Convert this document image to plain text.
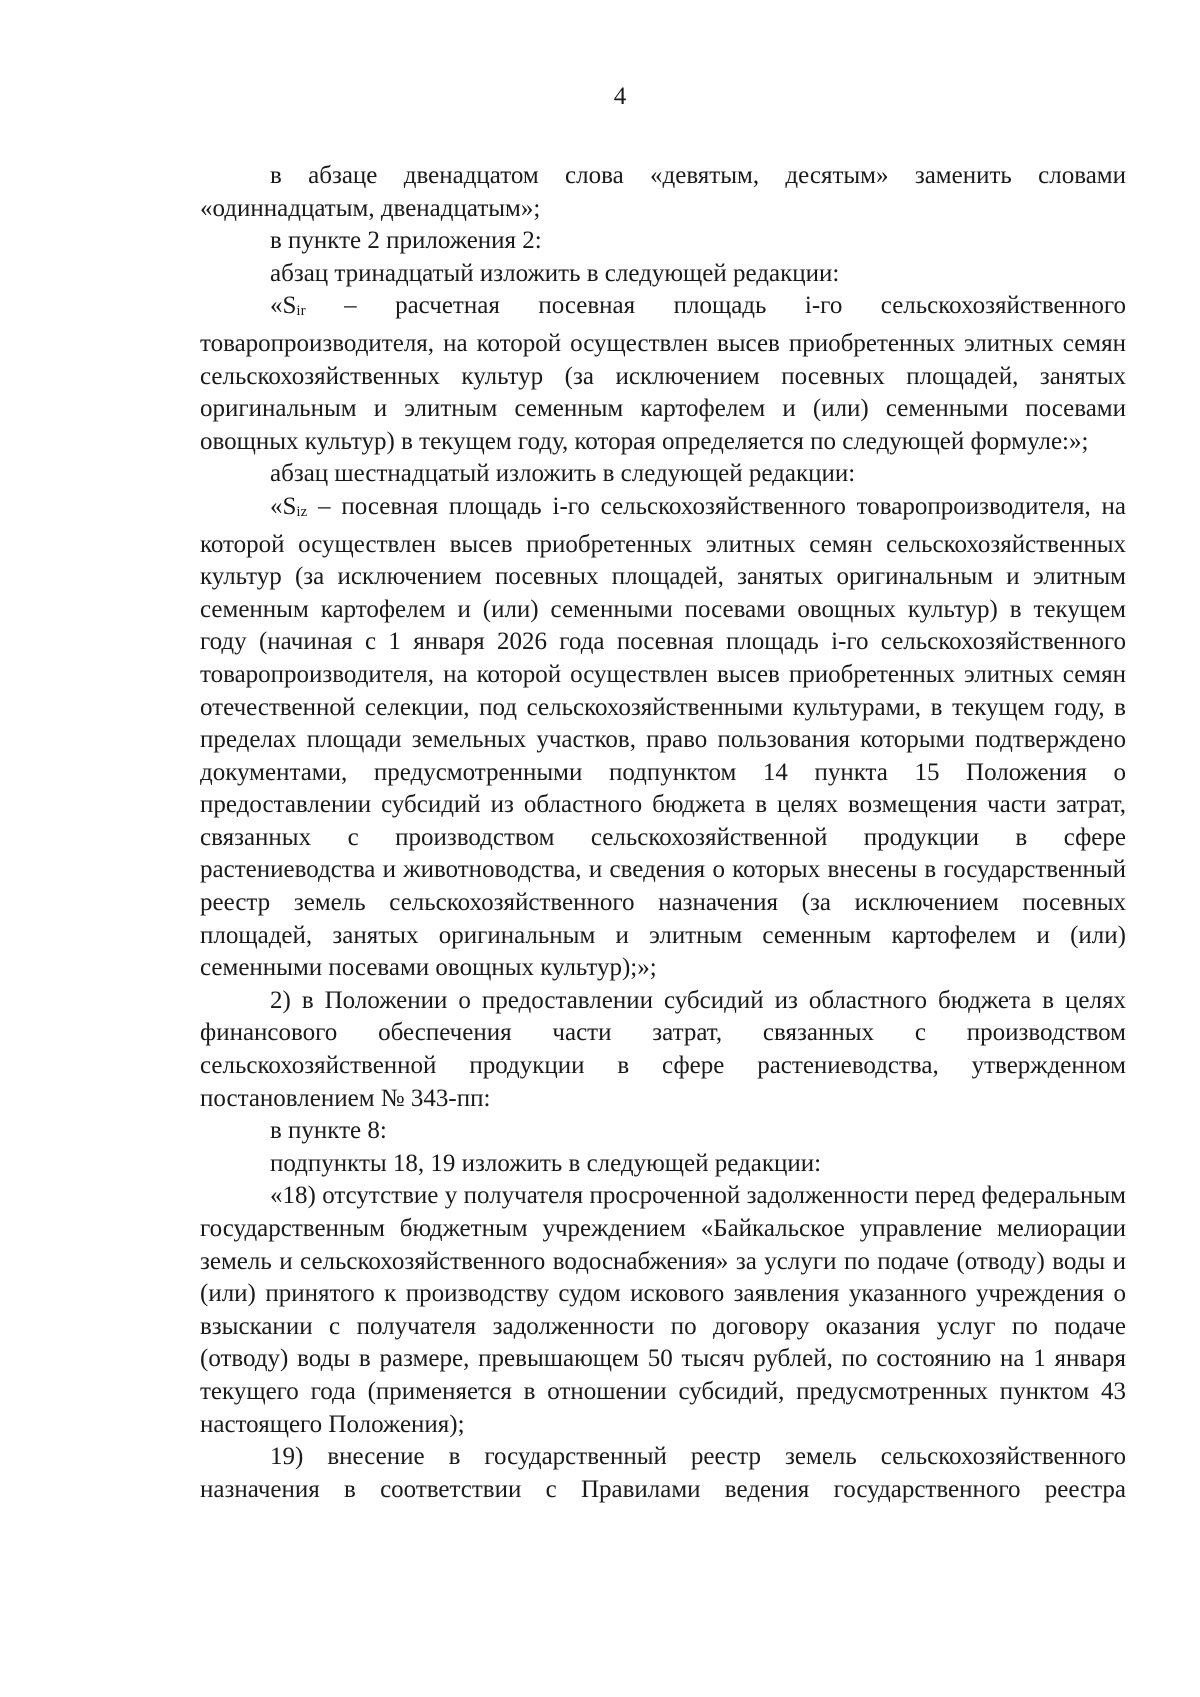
4

в абзаце двенадцатом слова «девятым, десятым» заменить словами «одиннадцатым, двенадцатым»;

в пункте 2 приложения 2:

абзац тринадцатый изложить в следующей редакции:

«Sir – расчетная посевная площадь i-го сельскохозяйственного товаропроизводителя, на которой осуществлен высев приобретенных элитных семян сельскохозяйственных культур (за исключением посевных площадей, занятых оригинальным и элитным семенным картофелем и (или) семенными посевами овощных культур) в текущем году, которая определяется по следующей формуле:»;

абзац шестнадцатый изложить в следующей редакции:

«Siz – посевная площадь i-го сельскохозяйственного товаропроизводителя, на которой осуществлен высев приобретенных элитных семян сельскохозяйственных культур (за исключением посевных площадей, занятых оригинальным и элитным семенным картофелем и (или) семенными посевами овощных культур) в текущем году (начиная с 1 января 2026 года посевная площадь i-го сельскохозяйственного товаропроизводителя, на которой осуществлен высев приобретенных элитных семян отечественной селекции, под сельскохозяйственными культурами, в текущем году, в пределах площади земельных участков, право пользования которыми подтверждено документами, предусмотренными подпунктом 14 пункта 15 Положения о предоставлении субсидий из областного бюджета в целях возмещения части затрат, связанных с производством сельскохозяйственной продукции в сфере растениеводства и животноводства, и сведения о которых внесены в государственный реестр земель сельскохозяйственного назначения (за исключением посевных площадей, занятых оригинальным и элитным семенным картофелем и (или) семенными посевами овощных культур);»;

2) в Положении о предоставлении субсидий из областного бюджета в целях финансового обеспечения части затрат, связанных с производством сельскохозяйственной продукции в сфере растениеводства, утвержденном постановлением № 343-пп:

в пункте 8:

подпункты 18, 19 изложить в следующей редакции:

«18) отсутствие у получателя просроченной задолженности перед федеральным государственным бюджетным учреждением «Байкальское управление мелиорации земель и сельскохозяйственного водоснабжения» за услуги по подаче (отводу) воды и (или) принятого к производству судом искового заявления указанного учреждения о взыскании с получателя задолженности по договору оказания услуг по подаче (отводу) воды в размере, превышающем 50 тысяч рублей, по состоянию на 1 января текущего года (применяется в отношении субсидий, предусмотренных пунктом 43 настоящего Положения);

19) внесение в государственный реестр земель сельскохозяйственного назначения в соответствии с Правилами ведения государственного реестра
